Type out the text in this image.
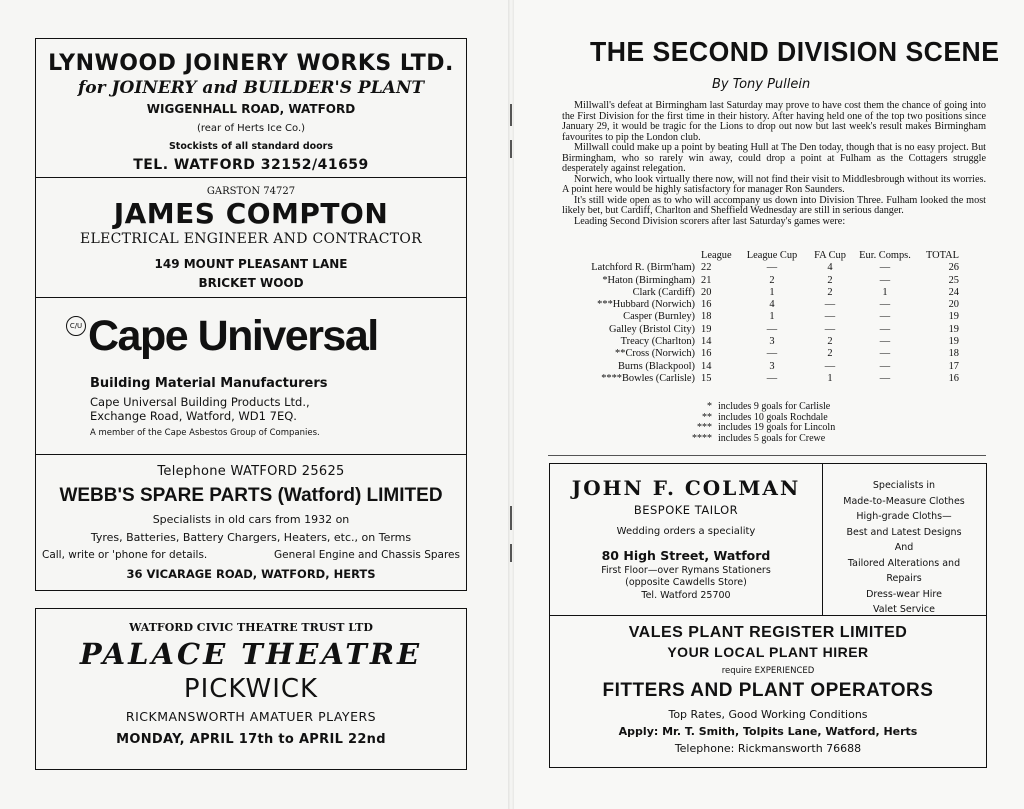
LYNWOOD JOINERY WORKS LTD.
for JOINERY and BUILDER'S PLANT
WIGGENHALL ROAD, WATFORD
(rear of Herts Ice Co.)
Stockists of all standard doors
TEL. WATFORD 32152/41659
GARSTON 74727
JAMES COMPTON
ELECTRICAL ENGINEER AND CONTRACTOR
149 MOUNT PLEASANT LANE
BRICKET WOOD
C/U Cape Universal
Building Material Manufacturers
Cape Universal Building Products Ltd.,
Exchange Road, Watford, WD1 7EQ.
A member of the Cape Asbestos Group of Companies.
Telephone WATFORD 25625
WEBB'S SPARE PARTS (Watford) LIMITED
Specialists in old cars from 1932 on
Tyres, Batteries, Battery Chargers, Heaters, etc., on Terms
Call, write or 'phone for details.	General Engine and Chassis Spares
36 VICARAGE ROAD, WATFORD, HERTS
WATFORD CIVIC THEATRE TRUST LTD
PALACE THEATRE
PICKWICK
RICKMANSWORTH AMATUER PLAYERS
MONDAY, APRIL 17th to APRIL 22nd
THE SECOND DIVISION SCENE
By Tony Pullein

Millwall's defeat at Birmingham last Saturday may prove to have cost them the chance of going into the First Division for the first time in their history. After having held one of the top two positions since January 29, it would be tragic for the Lions to drop out now but last week's result makes Birmingham favourites to pip the London club.

Millwall could make up a point by beating Hull at The Den today, though that is no easy project. But Birmingham, who so rarely win away, could drop a point at Fulham as the Cottagers struggle desperately against relegation.

Norwich, who look virtually there now, will not find their visit to Middlesbrough without its worries. A point here would be highly satisfactory for manager Ron Saunders.

It's still wide open as to who will accompany us down into Division Three. Fulham looked the most likely bet, but Cardiff, Charlton and Sheffield Wednesday are still in serious danger.

Leading Second Division scorers after last Saturday's games were:

	League	League Cup	FA Cup	Eur. Comps.	TOTAL
Latchford R. (Birm'ham)	22	—	4	—	26
*Haton (Birmingham)	21	2	2	—	25
Clark (Cardiff)	20	1	2	1	24
***Hubbard (Norwich)	16	4	—	—	20
Casper (Burnley)	18	1	—	—	19
Galley (Bristol City)	19	—	—	—	19
Treacy (Charlton)	14	3	2	—	19
**Cross (Norwich)	16	—	2	—	18
Burns (Blackpool)	14	3	—	—	17
****Bowles (Carlisle)	15	—	1	—	16
* includes 9 goals for Carlisle
** includes 10 goals Rochdale
*** includes 19 goals for Lincoln
**** includes 5 goals for Crewe
JOHN F. COLMAN
BESPOKE TAILOR
Wedding orders a speciality
80 High Street, Watford
First Floor—over Rymans Stationers
(opposite Cawdells Store)
Tel. Watford 25700
Specialists in
Made-to-Measure Clothes
High-grade Cloths—
Best and Latest Designs
And
Tailored Alterations and
Repairs
Dress-wear Hire
Valet Service
VALES PLANT REGISTER LIMITED
YOUR LOCAL PLANT HIRER
require EXPERIENCED
FITTERS AND PLANT OPERATORS
Top Rates, Good Working Conditions
Apply: Mr. T. Smith, Tolpits Lane, Watford, Herts
Telephone: Rickmansworth 76688
